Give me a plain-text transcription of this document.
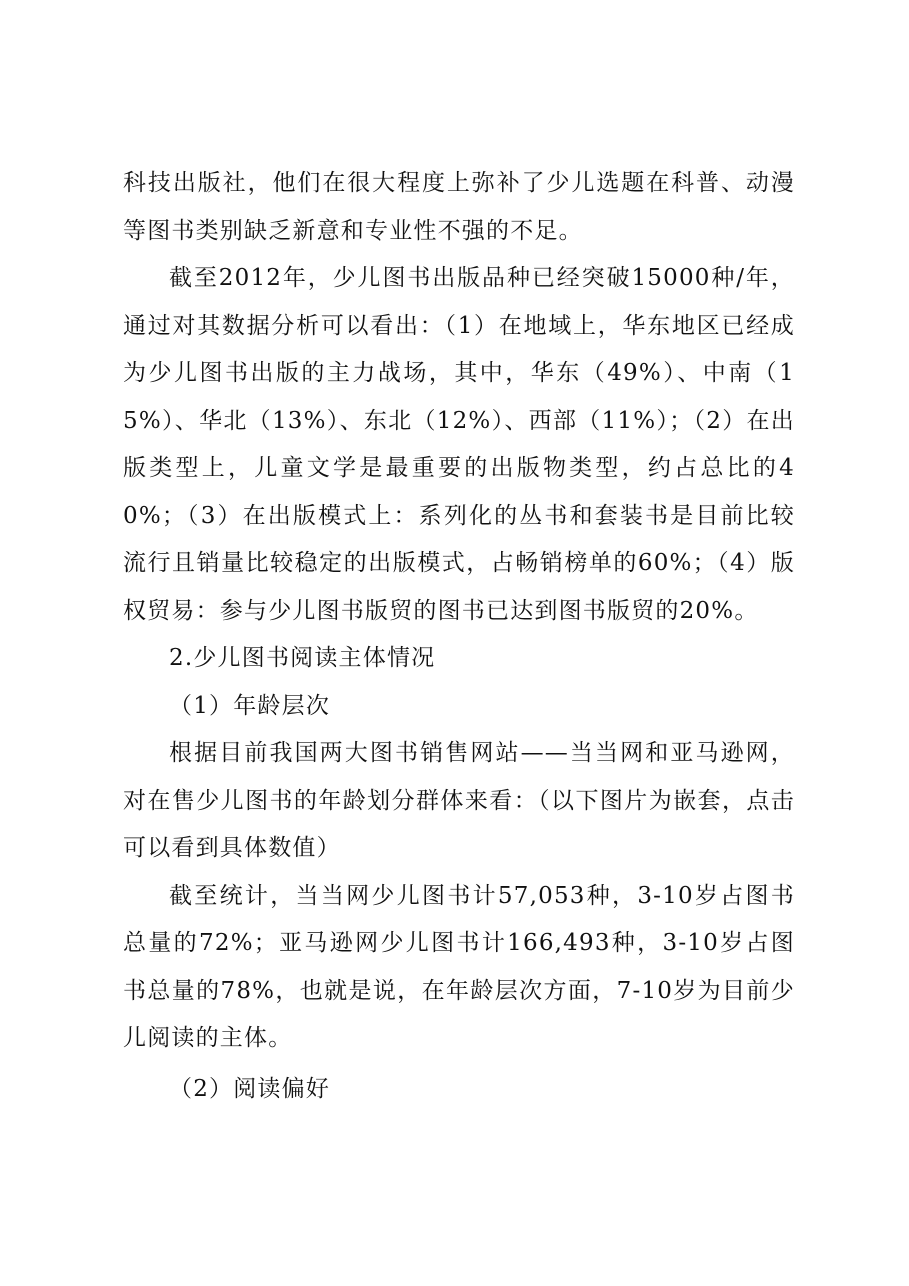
科技出版社，他们在很大程度上弥补了少儿选题在科普、动漫等图书类别缺乏新意和专业性不强的不足。

截至2012年，少儿图书出版品种已经突破15000种/年，通过对其数据分析可以看出：（1）在地域上，华东地区已经成为少儿图书出版的主力战场，其中，华东（49%）、中南（15%）、华北（13%）、东北（12%）、西部（11%）；（2）在出版类型上，儿童文学是最重要的出版物类型，约占总比的40%；（3）在出版模式上：系列化的丛书和套装书是目前比较流行且销量比较稳定的出版模式，占畅销榜单的60%；（4）版权贸易：参与少儿图书版贸的图书已达到图书版贸的20%。

2.少儿图书阅读主体情况

（1）年龄层次

根据目前我国两大图书销售网站——当当网和亚马逊网，对在售少儿图书的年龄划分群体来看：（以下图片为嵌套，点击可以看到具体数值）

截至统计，当当网少儿图书计57,053种，3-10岁占图书总量的72%；亚马逊网少儿图书计166,493种，3-10岁占图书总量的78%，也就是说，在年龄层次方面，7-10岁为目前少儿阅读的主体。

（2）阅读偏好
